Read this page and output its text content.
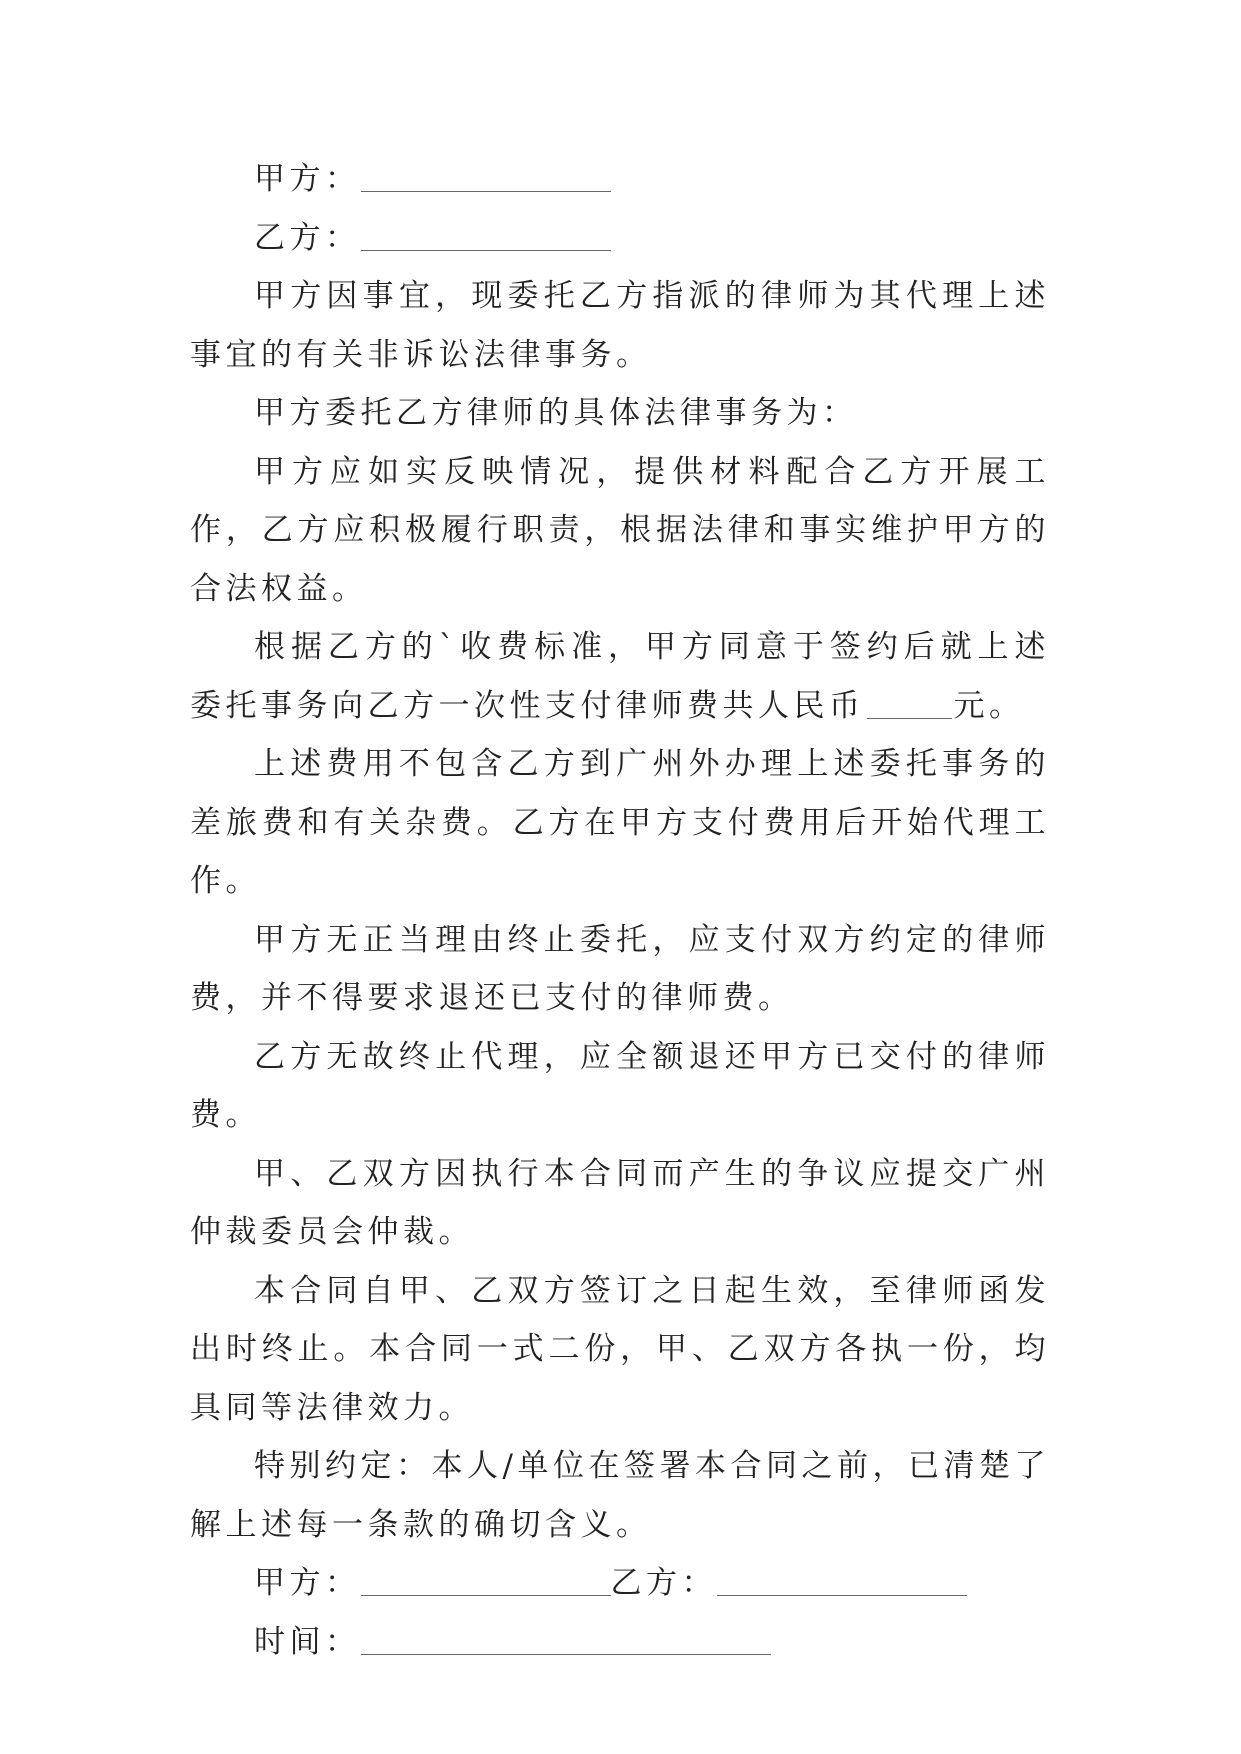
甲方：

乙方：

甲方因事宜，现委托乙方指派的律师为其代理上述事宜的有关非诉讼法律事务。

甲方委托乙方律师的具体法律事务为：

甲方应如实反映情况，提供材料配合乙方开展工作，乙方应积极履行职责，根据法律和事实维护甲方的合法权益。

根据乙方的`收费标准，甲方同意于签约后就上述委托事务向乙方一次性支付律师费共人民币	元。

上述费用不包含乙方到广州外办理上述委托事务的差旅费和有关杂费。乙方在甲方支付费用后开始代理工作。

甲方无正当理由终止委托，应支付双方约定的律师费，并不得要求退还已支付的律师费。

乙方无故终止代理，应全额退还甲方已交付的律师费。

甲、乙双方因执行本合同而产生的争议应提交广州仲裁委员会仲裁。

本合同自甲、乙双方签订之日起生效，至律师函发出时终止。本合同一式二份，甲、乙双方各执一份，均具同等法律效力。

特别约定：本人/单位在签署本合同之前，已清楚了解上述每一条款的确切含义。

甲方：	乙方：

时间：
